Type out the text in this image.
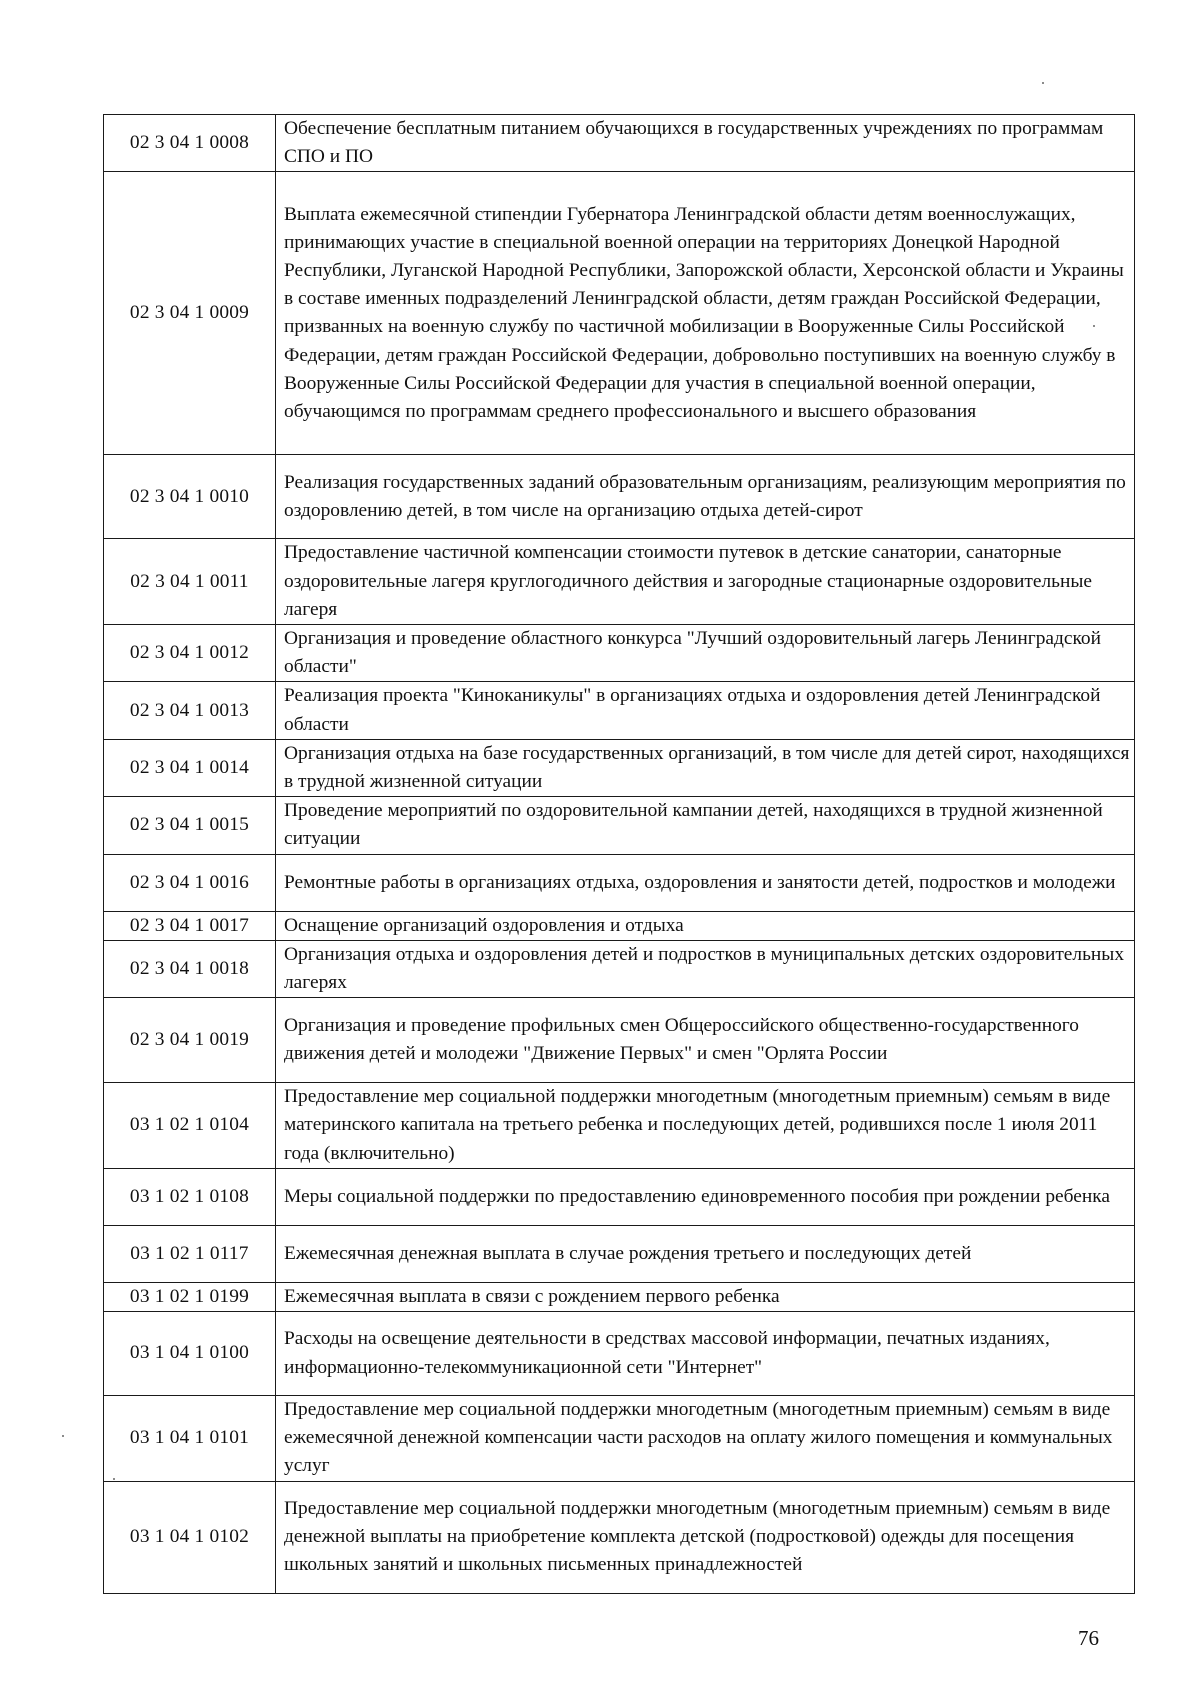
02 3 04 1 0008	Обеспечение бесплатным питанием обучающихся в государственных учреждениях по программам СПО и ПО
02 3 04 1 0009	Выплата ежемесячной стипендии Губернатора Ленинградской области детям военнослужащих, принимающих участие в специальной военной операции на территориях Донецкой Народной Республики, Луганской Народной Республики, Запорожской области, Херсонской области и Украины в составе именных подразделений Ленинградской области, детям граждан Российской Федерации, призванных на военную службу по частичной мобилизации в Вооруженные Силы Российской Федерации, детям граждан Российской Федерации, добровольно поступивших на военную службу в Вооруженные Силы Российской Федерации для участия в специальной военной операции, обучающимся по программам среднего профессионального и высшего образования
02 3 04 1 0010	Реализация государственных заданий образовательным организациям, реализующим мероприятия по оздоровлению детей, в том числе на организацию отдыха детей-сирот
02 3 04 1 0011	Предоставление частичной компенсации стоимости путевок в детские санатории, санаторные оздоровительные лагеря круглогодичного действия и загородные стационарные оздоровительные лагеря
02 3 04 1 0012	Организация и проведение областного конкурса "Лучший оздоровительный лагерь Ленинградской области"
02 3 04 1 0013	Реализация проекта "Киноканикулы" в организациях отдыха и оздоровления детей Ленинградской области
02 3 04 1 0014	Организация отдыха на базе государственных организаций, в том числе для детей сирот, находящихся в трудной жизненной ситуации
02 3 04 1 0015	Проведение мероприятий по оздоровительной кампании детей, находящихся в трудной жизненной ситуации
02 3 04 1 0016	Ремонтные работы в организациях отдыха, оздоровления и занятости детей, подростков и молодежи
02 3 04 1 0017	Оснащение организаций оздоровления и отдыха
02 3 04 1 0018	Организация отдыха и оздоровления детей и подростков в муниципальных детских оздоровительных лагерях
02 3 04 1 0019	Организация и проведение профильных смен Общероссийского общественно-государственного движения детей и молодежи "Движение Первых" и смен "Орлята России
03 1 02 1 0104	Предоставление мер социальной поддержки многодетным (многодетным приемным) семьям в виде материнского капитала на третьего ребенка и последующих детей, родившихся после 1 июля 2011 года (включительно)
03 1 02 1 0108	Меры социальной поддержки по предоставлению единовременного пособия при рождении ребенка
03 1 02 1 0117	Ежемесячная денежная выплата в случае рождения третьего и последующих детей
03 1 02 1 0199	Ежемесячная выплата в связи с рождением первого ребенка
03 1 04 1 0100	Расходы на освещение деятельности в средствах массовой информации, печатных изданиях, информационно-телекоммуникационной сети "Интернет"
03 1 04 1 0101	Предоставление мер социальной поддержки многодетным (многодетным приемным) семьям в виде ежемесячной денежной компенсации части расходов на оплату жилого помещения и коммунальных услуг
03 1 04 1 0102	Предоставление мер социальной поддержки многодетным (многодетным приемным) семьям в виде денежной выплаты на приобретение комплекта детской (подростковой) одежды для посещения школьных занятий и школьных письменных принадлежностей
76
